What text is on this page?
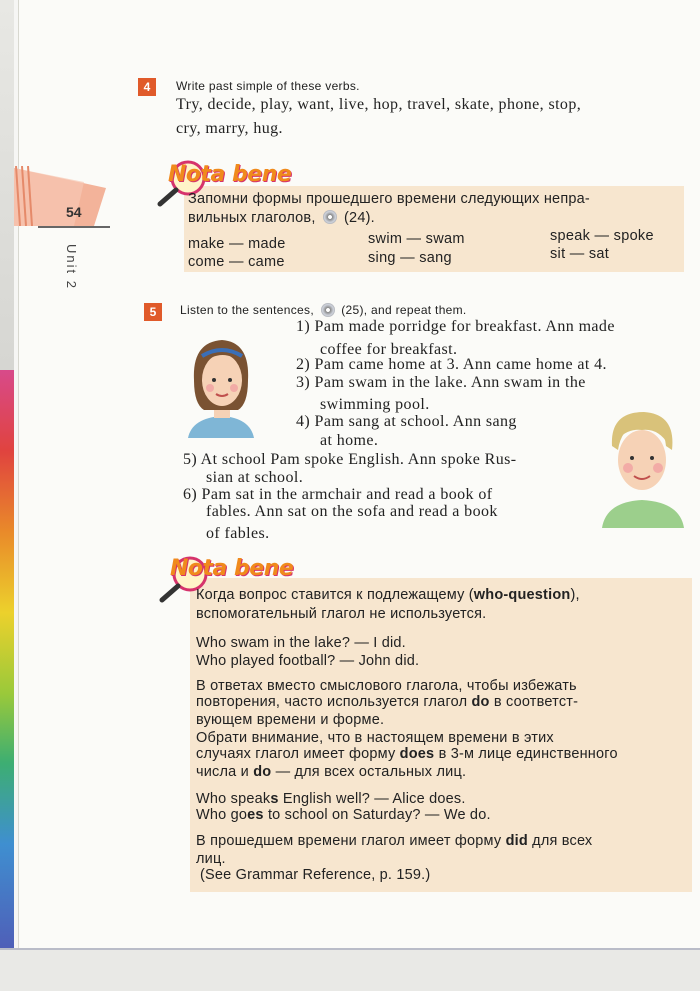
54
Unit 2
4	Write past simple of these verbs.
Try, decide, play, want, live, hop, travel, skate, phone, stop,
cry, marry, hug.
Nota bene
Запомни формы прошедшего времени следующих непра-
вильных глаголов, (24).
make — made	swim — swam	speak — spoke
come — came	sing — sang	sit — sat
5	Listen to the sentences, (25), and repeat them.
1) Pam made porridge for breakfast. Ann made
coffee for breakfast.
2) Pam came home at 3. Ann came home at 4.
3) Pam swam in the lake. Ann swam in the
swimming pool.
4) Pam sang at school. Ann sang
at home.
5) At school Pam spoke English. Ann spoke Rus-
sian at school.
6) Pam sat in the armchair and read a book of
fables. Ann sat on the sofa and read a book
of fables.
Nota bene
Когда вопрос ставится к подлежащему (who-question),
вспомогательный глагол не используется.
Who swam in the lake? — I did.
Who played football? — John did.
В ответах вместо смыслового глагола, чтобы избежать
повторения, часто используется глагол do в соответст-
вующем времени и форме.
Обрати внимание, что в настоящем времени в этих
случаях глагол имеет форму does в 3-м лице единственного
числа и do — для всех остальных лиц.
Who speaks English well? — Alice does.
Who goes to school on Saturday? — We do.
В прошедшем времени глагол имеет форму did для всех
лиц.
(See Grammar Reference, p. 159.)
